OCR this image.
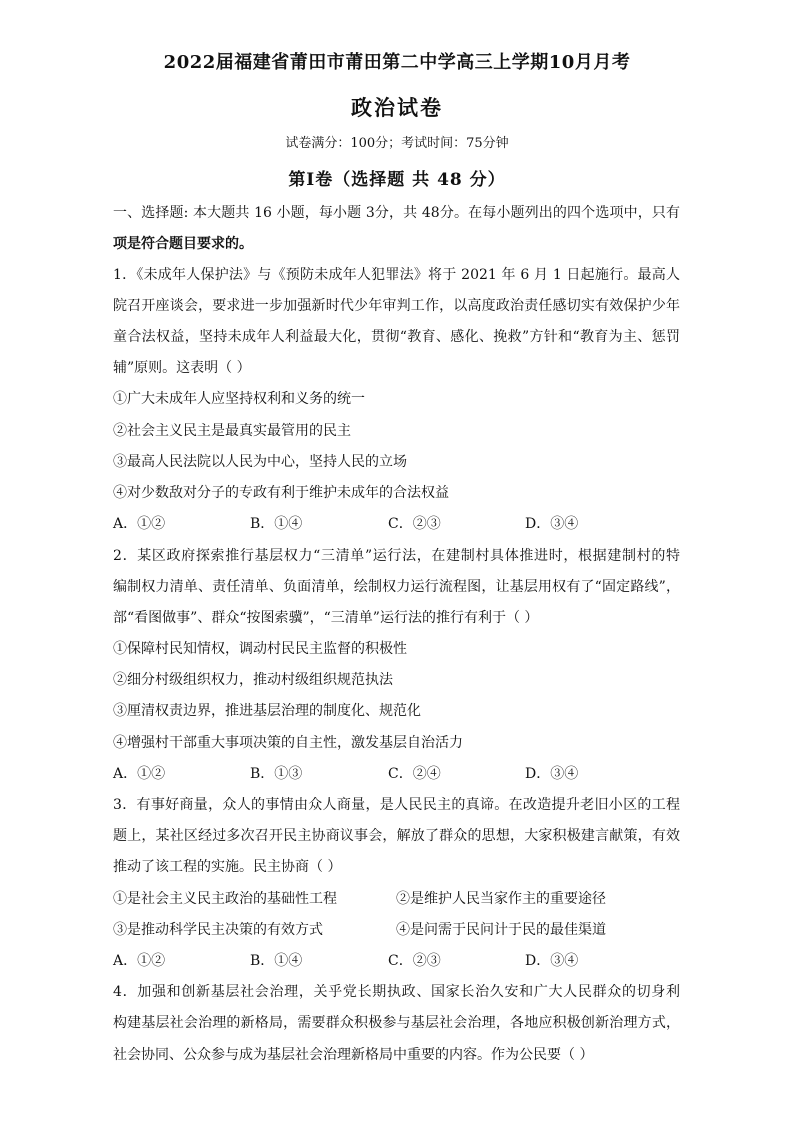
2022届福建省莆田市莆田第二中学高三上学期10月月考
政治试卷
试卷满分：100分；考试时间：75分钟
第Ⅰ卷（选择题 共 48 分）
一、选择题: 本大题共 16 小题，每小题 3分，共 48分。在每小题列出的四个选项中，只有
项是符合题目要求的。
1．《未成年人保护法》与《预防未成年人犯罪法》将于 2021 年 6 月 1 日起施行。最高人
院召开座谈会，要求进一步加强新时代少年审判工作，以高度政治责任感切实有效保护少年
童合法权益，坚持未成年人利益最大化，贯彻“教育、感化、挽救”方针和“教育为主、惩罚
辅”原则。这表明（ ）
①广大未成年人应坚持权利和义务的统一
②社会主义民主是最真实最管用的民主
③最高人民法院以人民为中心，坚持人民的立场
④对少数敌对分子的专政有利于维护未成年的合法权益
A．①②	B．①④	C．②③	D．③④
2．某区政府探索推行基层权力“三清单”运行法，在建制村具体推进时，根据建制村的特
编制权力清单、责任清单、负面清单，绘制权力运行流程图，让基层用权有了“固定路线”，
部“看图做事”、群众“按图索骥”，“三清单”运行法的推行有利于（ ）
①保障村民知情权，调动村民民主监督的积极性
②细分村级组织权力，推动村级组织规范执法
③厘清权责边界，推进基层治理的制度化、规范化
④增强村干部重大事项决策的自主性，激发基层自治活力
A．①②	B．①③	C．②④	D．③④
3．有事好商量，众人的事情由众人商量，是人民民主的真谛。在改造提升老旧小区的工程
题上，某社区经过多次召开民主协商议事会，解放了群众的思想，大家积极建言献策，有效
推动了该工程的实施。民主协商（ ）
①是社会主义民主政治的基础性工程	②是维护人民当家作主的重要途径
③是推动科学民主决策的有效方式	④是问需于民问计于民的最佳渠道
A．①②	B．①④	C．②③	D．③④
4．加强和创新基层社会治理，关乎党长期执政、国家长治久安和广大人民群众的切身利
构建基层社会治理的新格局，需要群众积极参与基层社会治理，各地应积极创新治理方式，
社会协同、公众参与成为基层社会治理新格局中重要的内容。作为公民要（ ）
